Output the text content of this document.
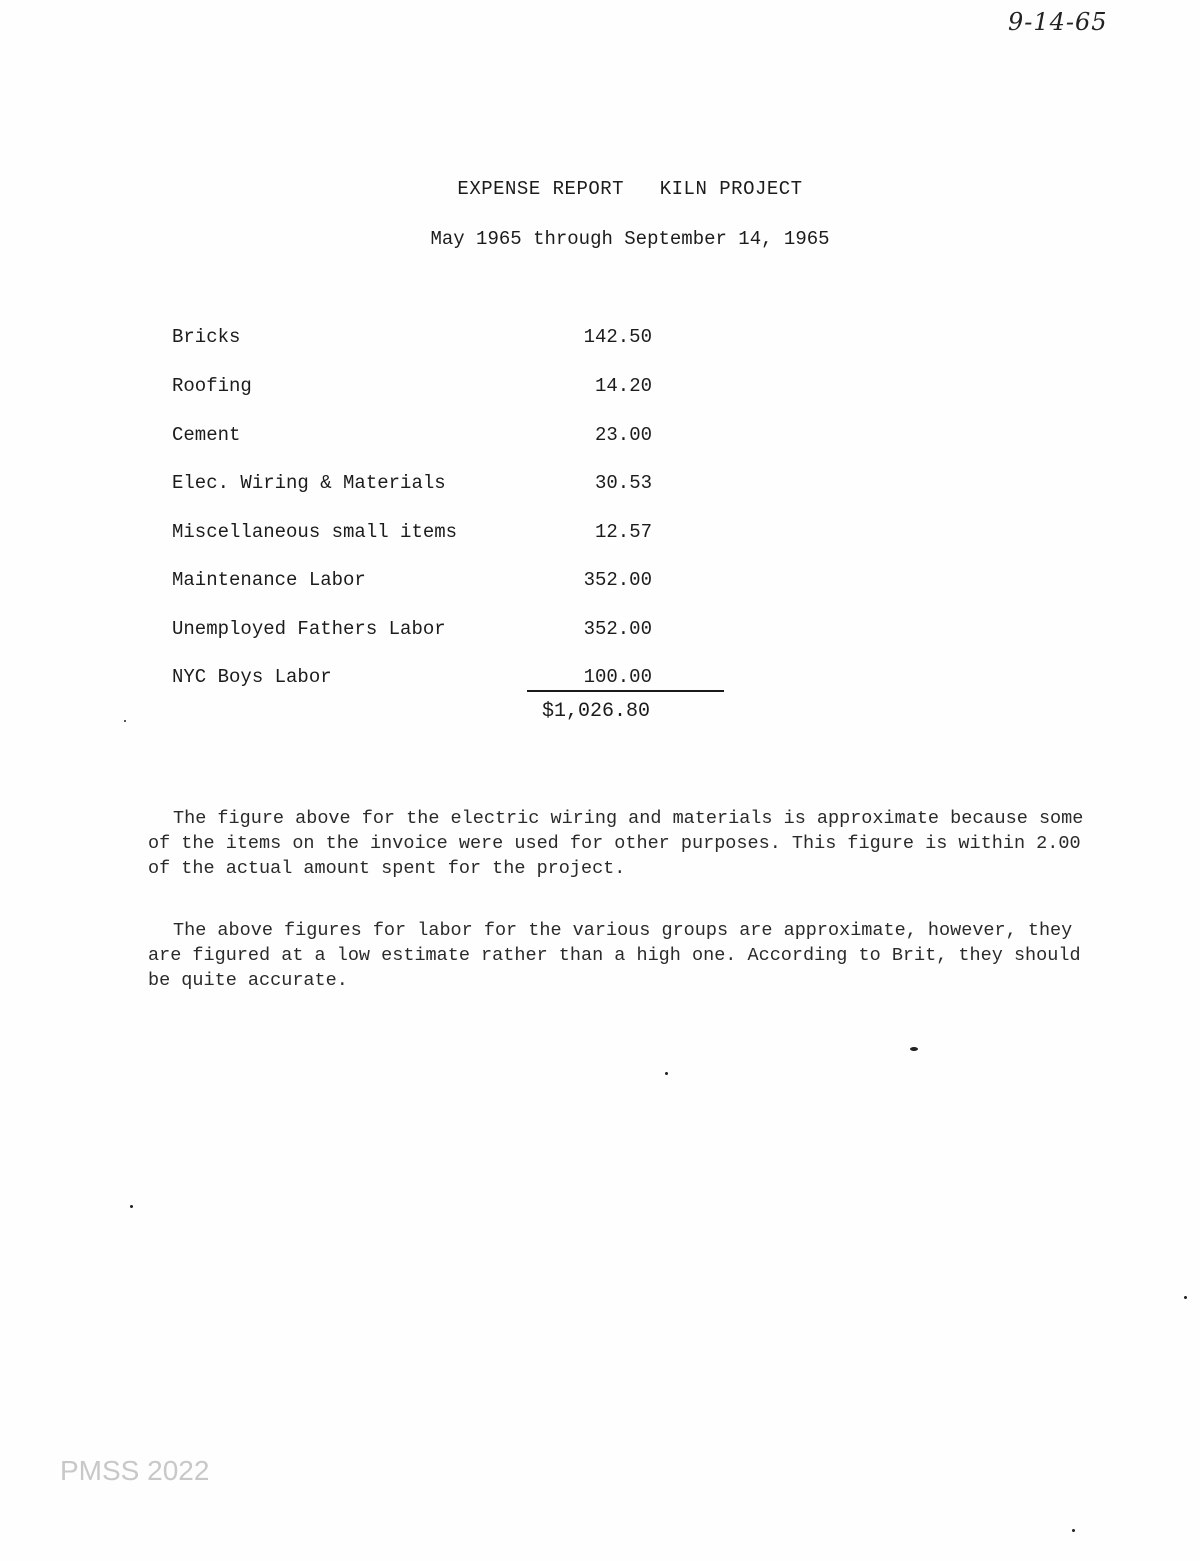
9-14-65
EXPENSE REPORT   KILN PROJECT
May 1965 through September 14, 1965
Bricks	142.50
Roofing	14.20
Cement	23.00
Elec. Wiring & Materials	30.53
Miscellaneous small items	12.57
Maintenance Labor	352.00
Unemployed Fathers Labor	352.00
NYC Boys Labor	100.00
$1,026.80

The figure above for the electric wiring and materials is approximate because some of the items on the invoice were used for other purposes. This figure is within 2.00 of the actual amount spent for the project.

The above figures for labor for the various groups are approximate, however, they are figured at a low estimate rather than a high one. According to Brit, they should be quite accurate.

PMSS 2022
